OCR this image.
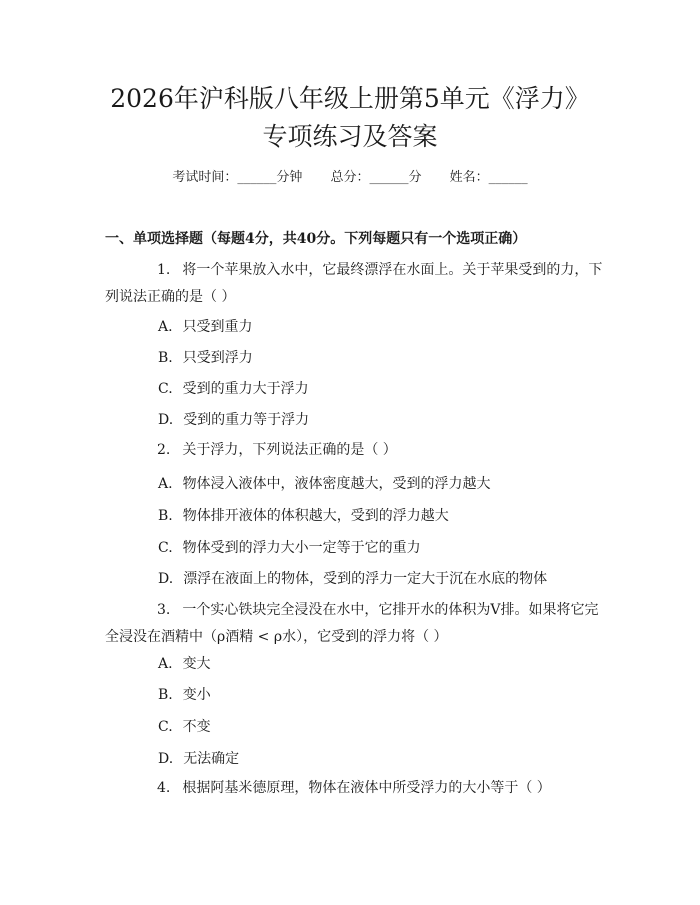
2026年沪科版八年级上册第5单元《浮力》
专项练习及答案
考试时间：______分钟 总分：______分 姓名：______
一、单项选择题（每题4分，共40分。下列每题只有一个选项正确）
1. 将一个苹果放入水中，它最终漂浮在水面上。关于苹果受到的力，下列说法正确的是（ ）
A. 只受到重力
B. 只受到浮力
C. 受到的重力大于浮力
D. 受到的重力等于浮力
2. 关于浮力，下列说法正确的是（ ）
A. 物体浸入液体中，液体密度越大，受到的浮力越大
B. 物体排开液体的体积越大，受到的浮力越大
C. 物体受到的浮力大小一定等于它的重力
D. 漂浮在液面上的物体，受到的浮力一定大于沉在水底的物体
3. 一个实心铁块完全浸没在水中，它排开水的体积为V排。如果将它完全浸没在酒精中（ρ酒精 < ρ水），它受到的浮力将（ ）
A. 变大
B. 变小
C. 不变
D. 无法确定
4. 根据阿基米德原理，物体在液体中所受浮力的大小等于（ ）
